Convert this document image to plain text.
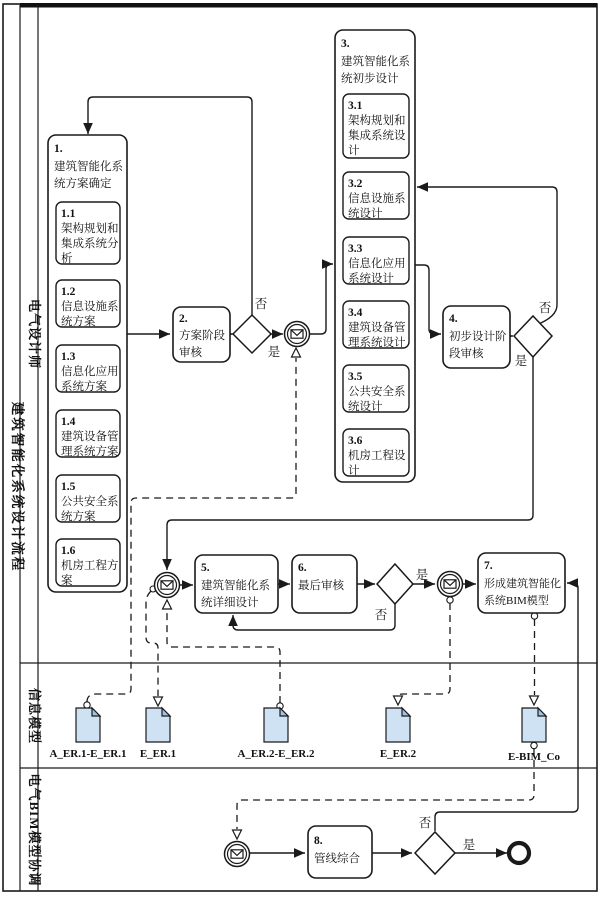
建筑智能化系统设计流程
电气设计师
信息模型
电气BIM模型协调
1.
建筑智能化系
统方案确定
1.1
架构规划和
集成系统分
析
1.2
信息设施系
统方案
1.3
信息化应用
系统方案
1.4
建筑设备管
理系统方案
1.5
公共安全系
统方案
1.6
机房工程方
案
2.
方案阶段
审核
否
是
3.
建筑智能化系
统初步设计
3.1
架构规划和
集成系统设
计
3.2
信息设施系
统设计
3.3
信息化应用
系统设计
3.4
建筑设备管
理系统设计
3.5
公共安全系
统设计
3.6
机房工程设
计
4.
初步设计阶
段审核
否
是
5.
建筑智能化系
统详细设计
6.
最后审核
是
否
7.
形成建筑智能化
系统BIM模型
A_ER.1-E_ER.1 E_ER.1	A_ER.2-E_ER.2	E_ER.2	E-BIM_Co
8.
管线综合
否
是
